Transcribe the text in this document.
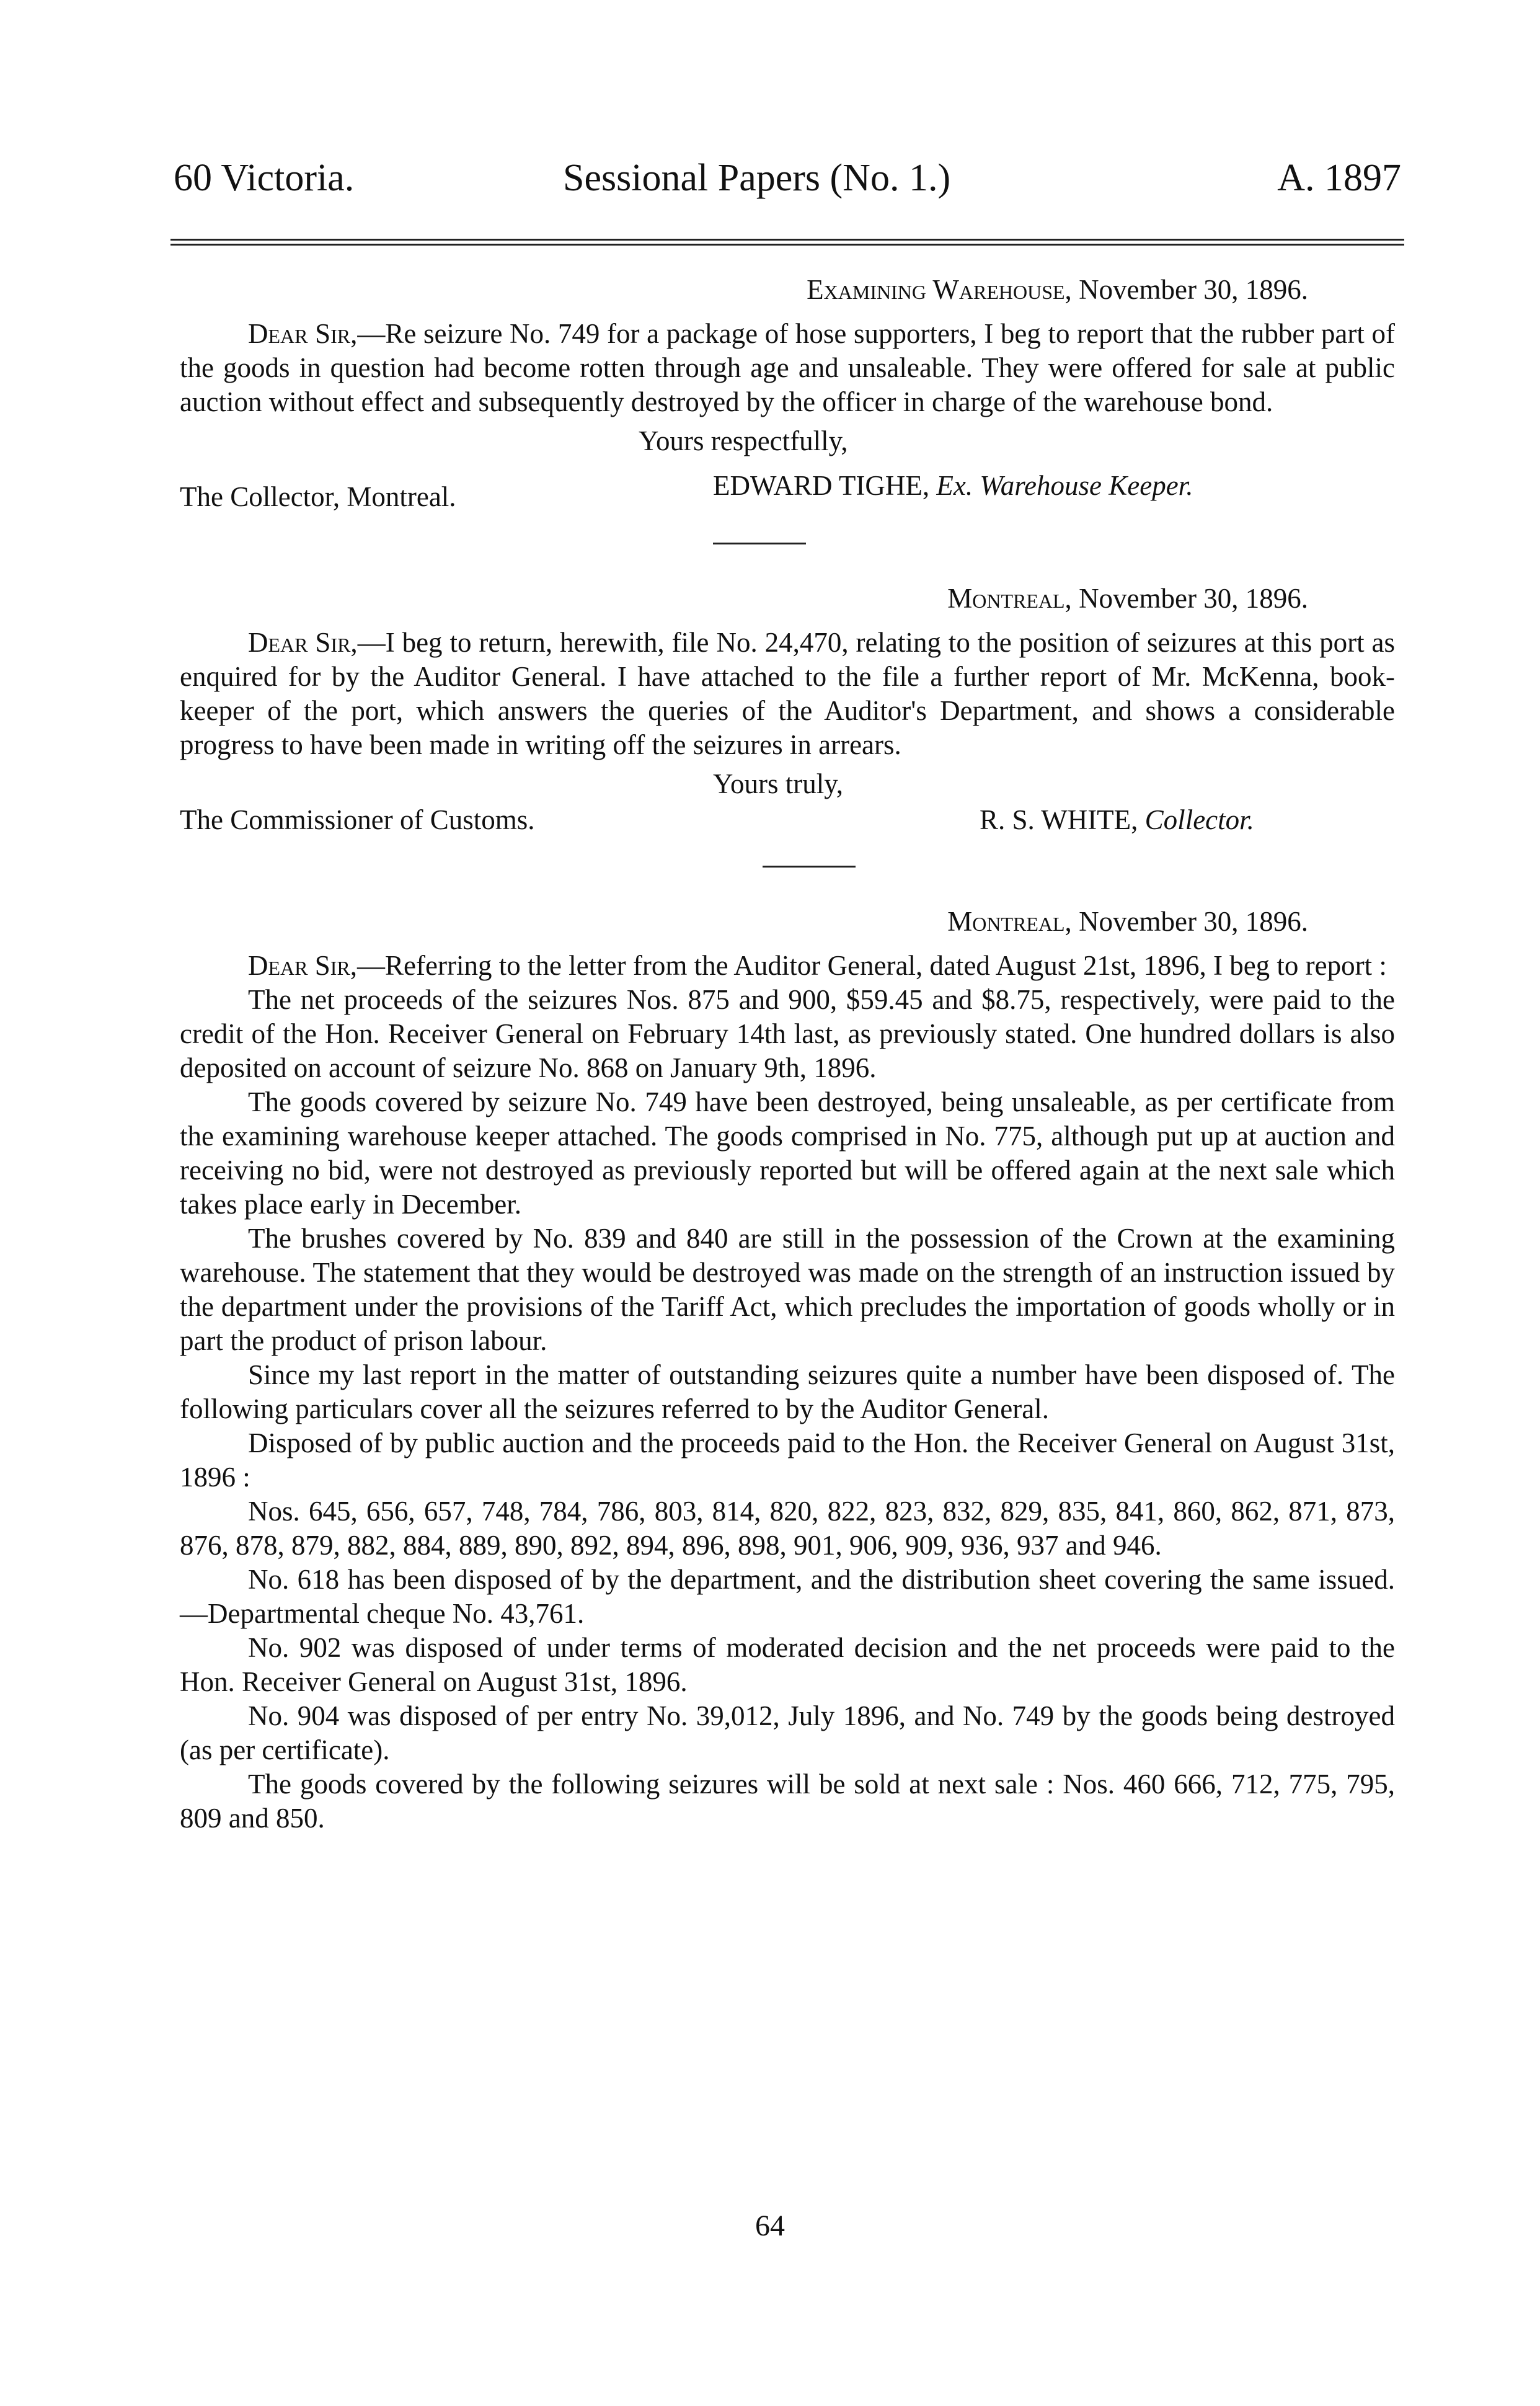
60 Victoria.	Sessional Papers (No. 1.)	A. 1897
Examining Warehouse, November 30, 1896.

Dear Sir,—Re seizure No. 749 for a package of hose supporters, I beg to report that the rubber part of the goods in question had become rotten through age and unsaleable. They were offered for sale at public auction without effect and subsequently destroyed by the officer in charge of the warehouse bond.

Yours respectfully,
The Collector, Montreal.	EDWARD TIGHE, Ex. Warehouse Keeper.
Montreal, November 30, 1896.

Dear Sir,—I beg to return, herewith, file No. 24,470, relating to the position of seizures at this port as enquired for by the Auditor General. I have attached to the file a further report of Mr. McKenna, book-keeper of the port, which answers the queries of the Auditor's Department, and shows a considerable progress to have been made in writing off the seizures in arrears.

Yours truly,
The Commissioner of Customs.	R. S. WHITE, Collector.
Montreal, November 30, 1896.

Dear Sir,—Referring to the letter from the Auditor General, dated August 21st, 1896, I beg to report :

The net proceeds of the seizures Nos. 875 and 900, $59.45 and $8.75, respectively, were paid to the credit of the Hon. Receiver General on February 14th last, as previously stated. One hundred dollars is also deposited on account of seizure No. 868 on January 9th, 1896.

The goods covered by seizure No. 749 have been destroyed, being unsaleable, as per certificate from the examining warehouse keeper attached. The goods comprised in No. 775, although put up at auction and receiving no bid, were not destroyed as previously reported but will be offered again at the next sale which takes place early in December.

The brushes covered by No. 839 and 840 are still in the possession of the Crown at the examining warehouse. The statement that they would be destroyed was made on the strength of an instruction issued by the department under the provisions of the Tariff Act, which precludes the importation of goods wholly or in part the product of prison labour.

Since my last report in the matter of outstanding seizures quite a number have been disposed of. The following particulars cover all the seizures referred to by the Auditor General.

Disposed of by public auction and the proceeds paid to the Hon. the Receiver General on August 31st, 1896 :

Nos. 645, 656, 657, 748, 784, 786, 803, 814, 820, 822, 823, 832, 829, 835, 841, 860, 862, 871, 873, 876, 878, 879, 882, 884, 889, 890, 892, 894, 896, 898, 901, 906, 909, 936, 937 and 946.

No. 618 has been disposed of by the department, and the distribution sheet covering the same issued.—Departmental cheque No. 43,761.

No. 902 was disposed of under terms of moderated decision and the net proceeds were paid to the Hon. Receiver General on August 31st, 1896.

No. 904 was disposed of per entry No. 39,012, July 1896, and No. 749 by the goods being destroyed (as per certificate).

The goods covered by the following seizures will be sold at next sale : Nos. 460 666, 712, 775, 795, 809 and 850.

64
